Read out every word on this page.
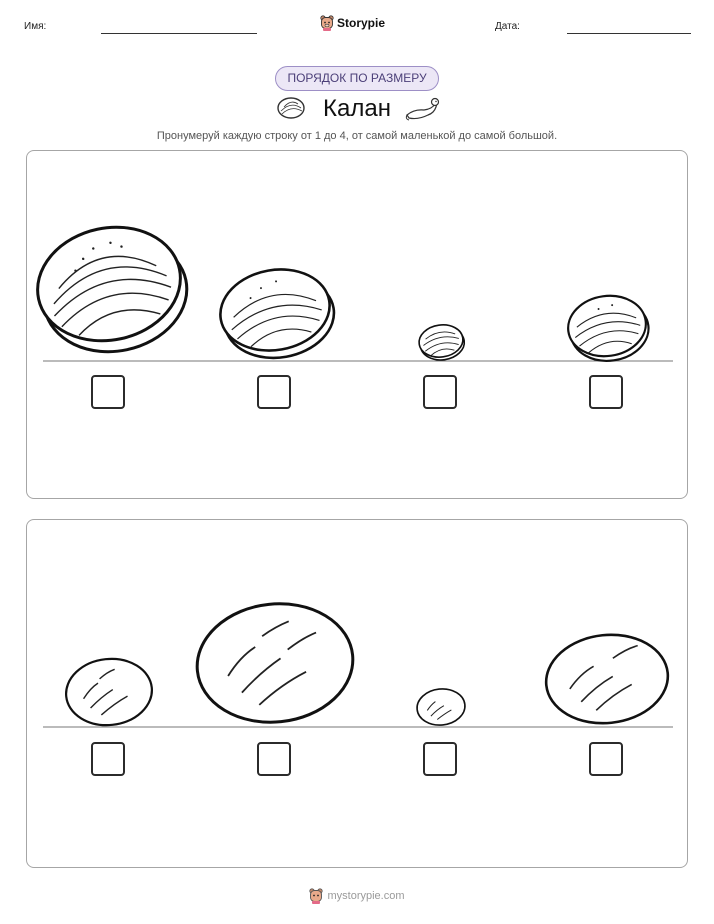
Имя:	Storypie	Дата:
ПОРЯДОК ПО РАЗМЕРУ
Калан
Пронумеруй каждую строку от 1 до 4, от самой маленькой до самой большой.
mystorypie.com
